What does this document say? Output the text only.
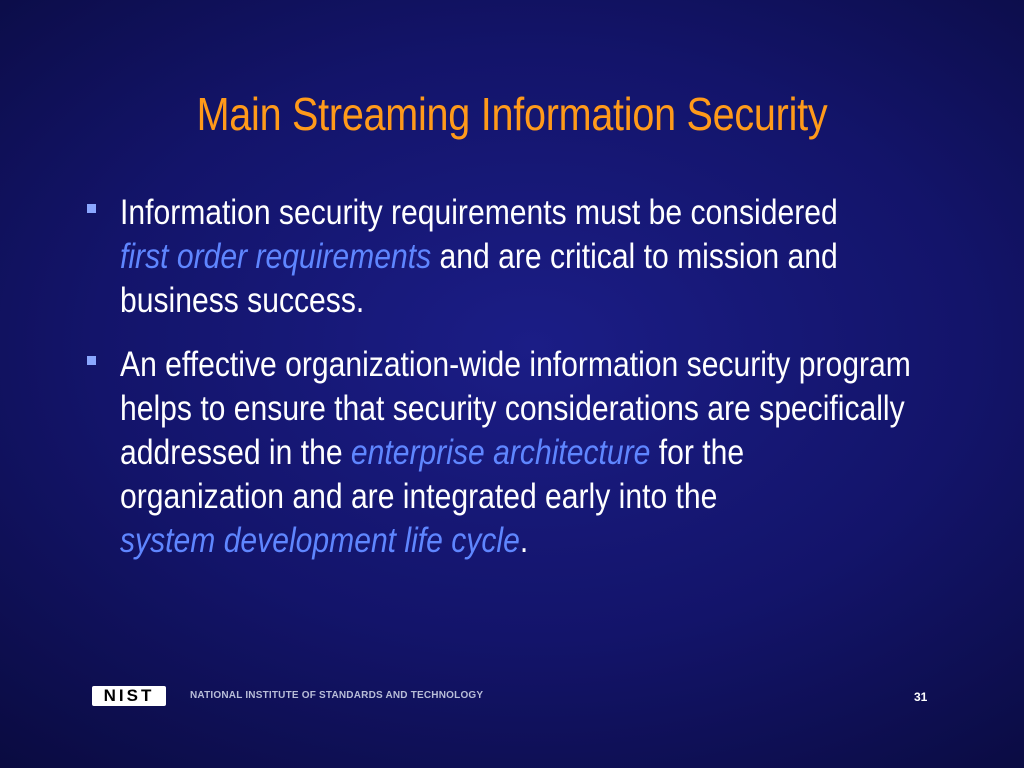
Main Streaming Information Security
Information security requirements must be considered
first order requirements and are critical to mission and business success.
An effective organization-wide information security program helps to ensure that security considerations are specifically addressed in the enterprise architecture for the organization and are integrated early into the
system development life cycle.
NIST	NATIONAL INSTITUTE OF STANDARDS AND TECHNOLOGY	31
